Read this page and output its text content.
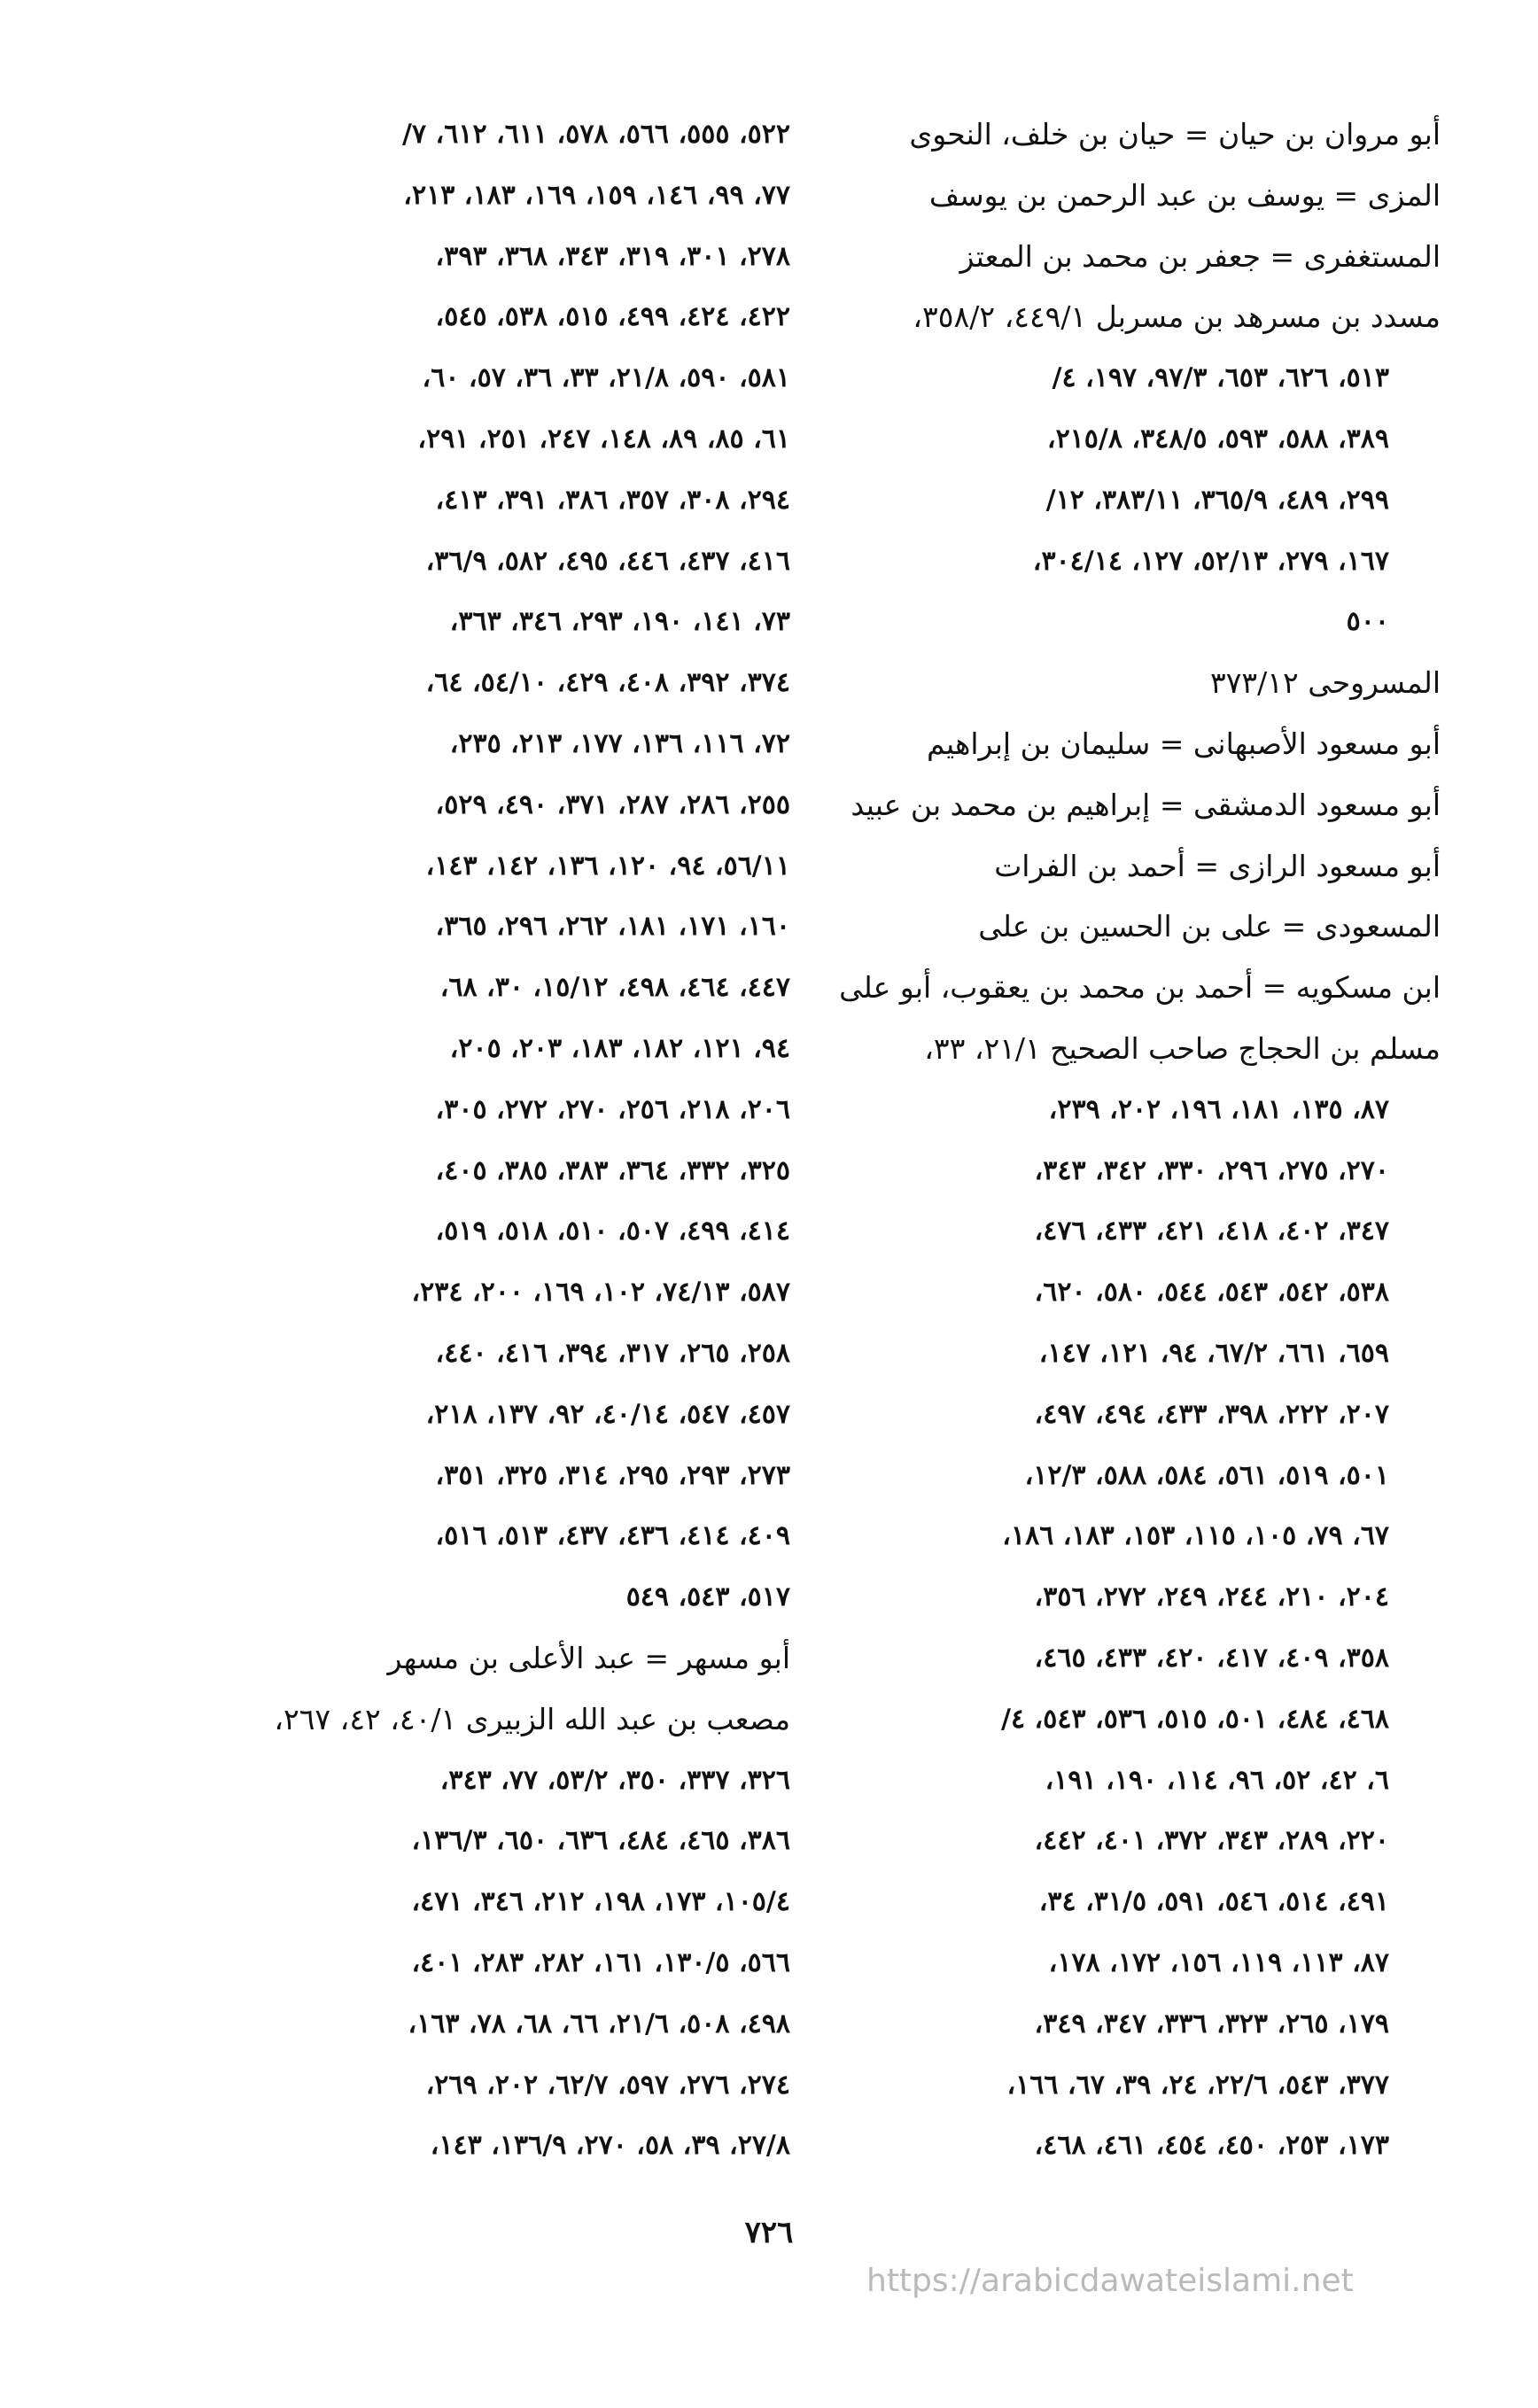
أبو مروان بن حيان = حيان بن خلف، النحوى
المزى = يوسف بن عبد الرحمن بن يوسف
المستغفرى = جعفر بن محمد بن المعتز
مسدد بن مسرهد بن مسربل ٤٤٩/١، ٣٥٨/٢،
٥١٣، ٦٢٦، ٦٥٣، ٩٧/٣، ١٩٧، ٤/
٣٨٩، ٥٨٨، ٥٩٣، ٣٤٨/٥، ٢١٥/٨،
٢٩٩، ٤٨٩، ٣٦٥/٩، ٣٨٣/١١، ١٢/
١٦٧، ٢٧٩، ٥٢/١٣، ١٢٧، ٣٠٤/١٤،
٥٠٠
المسروحى ٣٧٣/١٢
أبو مسعود الأصبهانى = سليمان بن إبراهيم
أبو مسعود الدمشقى = إبراهيم بن محمد بن عبيد
أبو مسعود الرازى = أحمد بن الفرات
المسعودى = على بن الحسين بن على
ابن مسكويه = أحمد بن محمد بن يعقوب، أبو على
مسلم بن الحجاج صاحب الصحيح ٢١/١، ٣٣،
٨٧، ١٣٥، ١٨١، ١٩٦، ٢٠٢، ٢٣٩،
٢٧٠، ٢٧٥، ٢٩٦، ٣٣٠، ٣٤٢، ٣٤٣،
٣٤٧، ٤٠٢، ٤١٨، ٤٢١، ٤٣٣، ٤٧٦،
٥٣٨، ٥٤٢، ٥٤٣، ٥٤٤، ٥٨٠، ٦٢٠،
٦٥٩، ٦٦١، ٦٧/٢، ٩٤، ١٢١، ١٤٧،
٢٠٧، ٢٢٢، ٣٩٨، ٤٣٣، ٤٩٤، ٤٩٧،
٥٠١، ٥١٩، ٥٦١، ٥٨٤، ٥٨٨، ١٢/٣،
٦٧، ٧٩، ١٠٥، ١١٥، ١٥٣، ١٨٣، ١٨٦،
٢٠٤، ٢١٠، ٢٤٤، ٢٤٩، ٢٧٢، ٣٥٦،
٣٥٨، ٤٠٩، ٤١٧، ٤٢٠، ٤٣٣، ٤٦٥،
٤٦٨، ٤٨٤، ٥٠١، ٥١٥، ٥٣٦، ٥٤٣، ٤/
٦، ٤٢، ٥٢، ٩٦، ١١٤، ١٩٠، ١٩١،
٢٢٠، ٢٨٩، ٣٤٣، ٣٧٢، ٤٠١، ٤٤٢،
٤٩١، ٥١٤، ٥٤٦، ٥٩١، ٣١/٥، ٣٤،
٨٧، ١١٣، ١١٩، ١٥٦، ١٧٢، ١٧٨،
١٧٩، ٢٦٥، ٣٢٣، ٣٣٦، ٣٤٧، ٣٤٩،
٣٧٧، ٥٤٣، ٢٢/٦، ٢٤، ٣٩، ٦٧، ١٦٦،
١٧٣، ٢٥٣، ٤٥٠، ٤٥٤، ٤٦١، ٤٦٨،
٥٢٢، ٥٥٥، ٥٦٦، ٥٧٨، ٦١١، ٦١٢، ٧/
٧٧، ٩٩، ١٤٦، ١٥٩، ١٦٩، ١٨٣، ٢١٣،
٢٧٨، ٣٠١، ٣١٩، ٣٤٣، ٣٦٨، ٣٩٣،
٤٢٢، ٤٢٤، ٤٩٩، ٥١٥، ٥٣٨، ٥٤٥،
٥٨١، ٥٩٠، ٢١/٨، ٣٣، ٣٦، ٥٧، ٦٠،
٦١، ٨٥، ٨٩، ١٤٨، ٢٤٧، ٢٥١، ٢٩١،
٢٩٤، ٣٠٨، ٣٥٧، ٣٨٦، ٣٩١، ٤١٣،
٤١٦، ٤٣٧، ٤٤٦، ٤٩٥، ٥٨٢، ٣٦/٩،
٧٣، ١٤١، ١٩٠، ٢٩٣، ٣٤٦، ٣٦٣،
٣٧٤، ٣٩٢، ٤٠٨، ٤٢٩، ٥٤/١٠، ٦٤،
٧٢، ١١٦، ١٣٦، ١٧٧، ٢١٣، ٢٣٥،
٢٥٥، ٢٨٦، ٢٨٧، ٣٧١، ٤٩٠، ٥٢٩،
٥٦/١١، ٩٤، ١٢٠، ١٣٦، ١٤٢، ١٤٣،
١٦٠، ١٧١، ١٨١، ٢٦٢، ٢٩٦، ٣٦٥،
٤٤٧، ٤٦٤، ٤٩٨، ١٥/١٢، ٣٠، ٦٨،
٩٤، ١٢١، ١٨٢، ١٨٣، ٢٠٣، ٢٠٥،
٢٠٦، ٢١٨، ٢٥٦، ٢٧٠، ٢٧٢، ٣٠٥،
٣٢٥، ٣٣٢، ٣٦٤، ٣٨٣، ٣٨٥، ٤٠٥،
٤١٤، ٤٩٩، ٥٠٧، ٥١٠، ٥١٨، ٥١٩،
٥٨٧، ٧٤/١٣، ١٠٢، ١٦٩، ٢٠٠، ٢٣٤،
٢٥٨، ٢٦٥، ٣١٧، ٣٩٤، ٤١٦، ٤٤٠،
٤٥٧، ٥٤٧، ٤٠/١٤، ٩٢، ١٣٧، ٢١٨،
٢٧٣، ٢٩٣، ٢٩٥، ٣١٤، ٣٢٥، ٣٥١،
٤٠٩، ٤١٤، ٤٣٦، ٤٣٧، ٥١٣، ٥١٦،
٥١٧، ٥٤٣، ٥٤٩
أبو مسهر = عبد الأعلى بن مسهر
مصعب بن عبد الله الزبيرى ٤٠/١، ٤٢، ٢٦٧،
٣٢٦، ٣٣٧، ٣٥٠، ٥٣/٢، ٧٧، ٣٤٣،
٣٨٦، ٤٦٥، ٤٨٤، ٦٣٦، ٦٥٠، ١٣٦/٣،
١٠٥/٤، ١٧٣، ١٩٨، ٢١٢، ٣٤٦، ٤٧١،
٥٦٦، ١٣٠/٥، ١٦١، ٢٨٢، ٢٨٣، ٤٠١،
٤٩٨، ٥٠٨، ٢١/٦، ٦٦، ٦٨، ٧٨، ١٦٣،
٢٧٤، ٢٧٦، ٥٩٧، ٦٢/٧، ٢٠٢، ٢٦٩،
٢٧/٨، ٣٩، ٥٨، ٢٧٠، ١٣٦/٩، ١٤٣،
٧٢٦
https://arabicdawateislami.net
